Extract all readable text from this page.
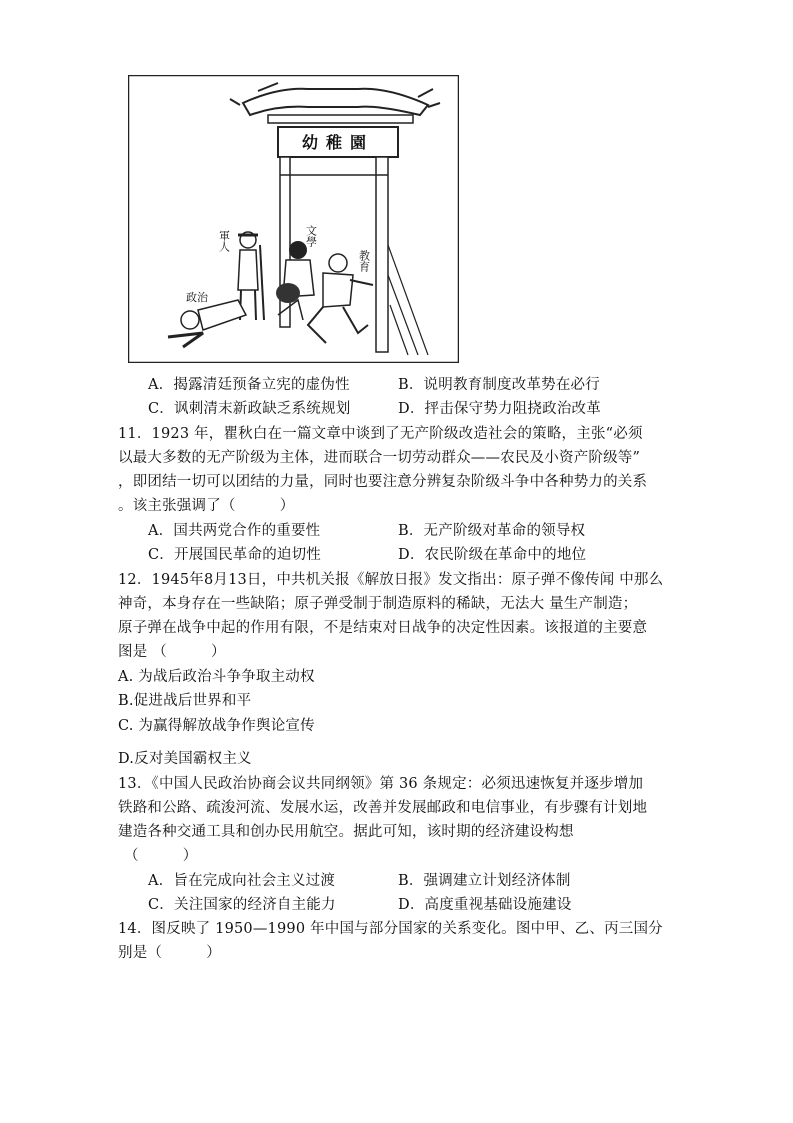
幼稚園
軍人	文學
教育
政治
A．揭露清廷预备立宪的虚伪性	B．说明教育制度改革势在必行
C．讽刺清末新政缺乏系统规划	D．抨击保守势力阻挠政治改革
11．1923 年，瞿秋白在一篇文章中谈到了无产阶级改造社会的策略，主张“必须
以最大多数的无产阶级为主体，进而联合一切劳动群众——农民及小资产阶级等”
，即团结一切可以团结的力量，同时也要注意分辨复杂阶级斗争中各种势力的关系
。该主张强调了（　　　）
A．国共两党合作的重要性	B．无产阶级对革命的领导权
C．开展国民革命的迫切性	D．农民阶级在革命中的地位
12．1945年8月13日，中共机关报《解放日报》发文指出：原子弹不像传闻 中那么
神奇，本身存在一些缺陷；原子弹受制于制造原料的稀缺，无法大 量生产制造；
原子弹在战争中起的作用有限，不是结束对日战争的决定性因素。该报道的主要意
图是 （　　　）
A. 为战后政治斗争争取主动权
B.促进战后世界和平
C. 为赢得解放战争作舆论宣传
D.反对美国霸权主义
13．《中国人民政治协商会议共同纲领》第 36 条规定：必须迅速恢复并逐步增加
铁路和公路、疏浚河流、发展水运，改善并发展邮政和电信事业，有步骤有计划地
建造各种交通工具和创办民用航空。据此可知，该时期的经济建设构想
（　　　）
A．旨在完成向社会主义过渡	B．强调建立计划经济体制
C．关注国家的经济自主能力	D．高度重视基础设施建设
14．图反映了 1950—1990 年中国与部分国家的关系变化。图中甲、乙、丙三国分
别是（　　　）
